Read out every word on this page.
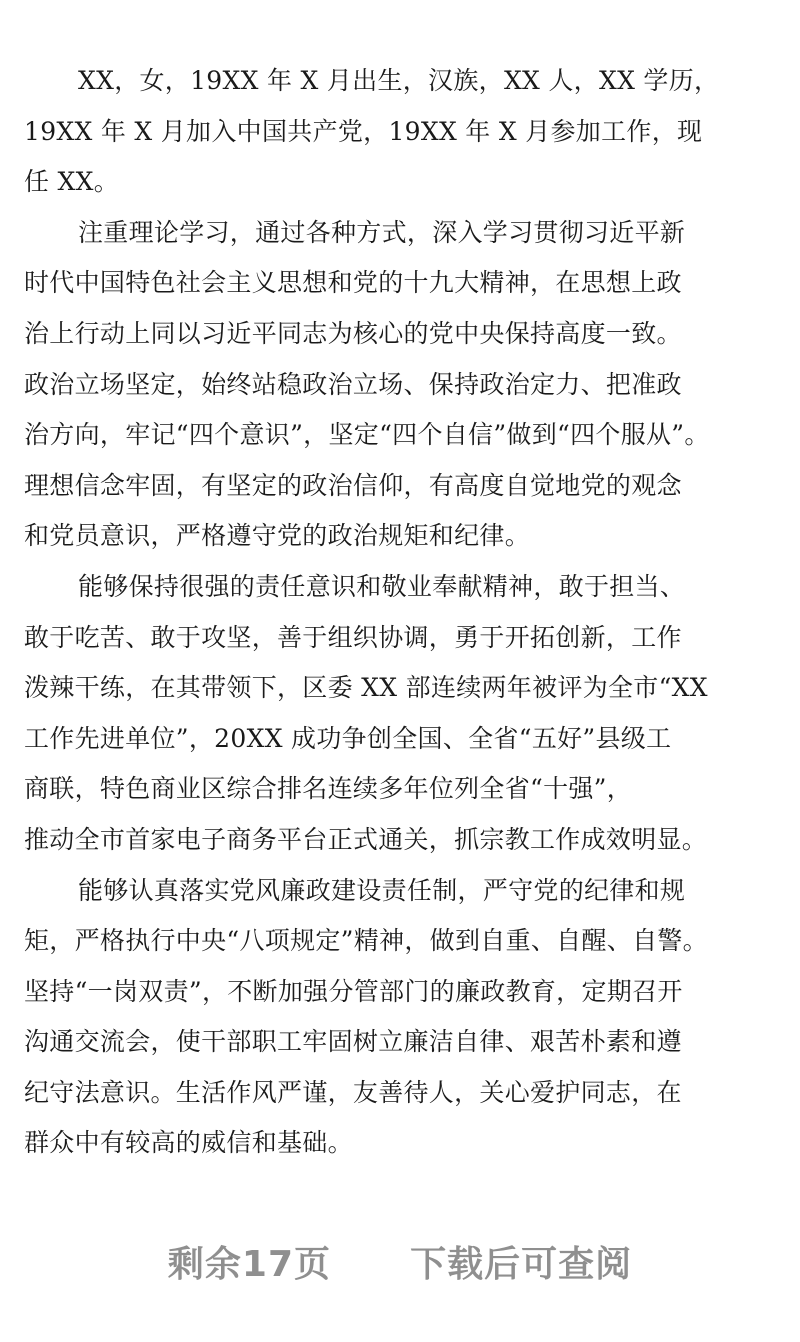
XX，女，19XX 年 X 月出生，汉族，XX 人，XX 学历，
19XX 年 X 月加入中国共产党，19XX 年 X 月参加工作，现
任 XX。

注重理论学习，通过各种方式，深入学习贯彻习近平新
时代中国特色社会主义思想和党的十九大精神，在思想上政
治上行动上同以习近平同志为核心的党中央保持高度一致。
政治立场坚定，始终站稳政治立场、保持政治定力、把准政
治方向，牢记“四个意识”，坚定“四个自信”做到“四个服从”。
理想信念牢固，有坚定的政治信仰，有高度自觉地党的观念
和党员意识，严格遵守党的政治规矩和纪律。

能够保持很强的责任意识和敬业奉献精神，敢于担当、
敢于吃苦、敢于攻坚，善于组织协调，勇于开拓创新，工作
泼辣干练，在其带领下，区委 XX 部连续两年被评为全市“XX
工作先进单位”，20XX 成功争创全国、全省“五好”县级工
商联，特色商业区综合排名连续多年位列全省“十强”，
推动全市首家电子商务平台正式通关，抓宗教工作成效明显。

能够认真落实党风廉政建设责任制，严守党的纪律和规
矩，严格执行中央“八项规定”精神，做到自重、自醒、自警。
坚持“一岗双责”，不断加强分管部门的廉政教育，定期召开
沟通交流会，使干部职工牢固树立廉洁自律、艰苦朴素和遵
纪守法意识。生活作风严谨，友善待人，关心爱护同志，在
群众中有较高的威信和基础。

剩余17页 下载后可查阅
